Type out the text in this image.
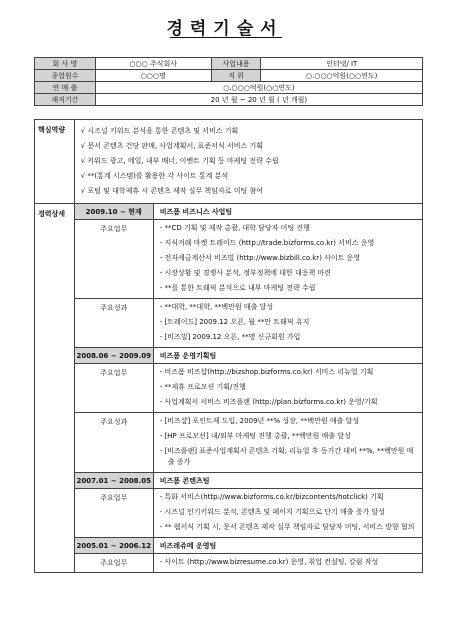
경력기술서
회 사 명	○○○ 주식회사	사업내용	인터넷/ IT
종업원수	○○○명	직 위	○.○○○억원(○○연도)
연 매 출	○.○○○억원(○○연도)		
재직기간	20 년 월 ~ 20 년 월 ( 년 개월)		
핵심역량	√ 시즈널 키워드 분석을 통한 콘텐츠 및 서비스 기획
√ 문서 콘텐츠 건당 판매, 사업계획서, 표준서식 서비스 기획
√ 키워드 광고, 메일, 내부 배너, 이벤트 기획 등 마케팅 전략 수립
√ **(통계 시스템)를 활용한 각 사이트 통계 분석
√ 포털 및 대학제휴 시 콘텐츠 제작 실무 책임자로 미팅 참여	

경력상세	2009.10 ~ 현재	비즈폼 비즈니스 사업팀
	주요업무	- **CD 기획 및 제작 총괄, 대학 담당자 미팅 진행
- 지식거래 마켓 트레이드 (http://trade.bizforms.co.kr) 서비스 운영
- 전자세금계산서 비즈빌 (http://www.bizbill.co.kr) 사이트 운영
- 시장상황 및 경쟁사 분석, 정부정책에 대한 대응책 마련
- **를 통한 트래픽 분석으로 내부 마케팅 전략 수립

	주요성과	- **대학, **대학, **백만원 매출 달성
- [트레이드] 2009.12 오픈, 월 **만 트래픽 유지
- [비즈빌] 2009.12 오픈, **명 신규회원 가입

	2008.06 ~ 2009.09	비즈폼 운영기획팀
	주요업무	- 비즈폼 비즈샵(http://bizshop.bizforms.co.kr) 서비스 리뉴얼 기획
- **제휴 프로모션 기획/진행
- 사업계획서 서비스 비즈플랜 (http://plan.bizforms.co.kr) 운영/기획

	주요성과	- [비즈샵] 포인트제 도입, 2009년 **% 성장, **백만원 매출 달성
- [HP 프로모션] 내/외부 마케팅 진행 총괄, **백만원 매출 달성
- [비즈플랜] 표준사업계획서 콘텐츠 기획, 리뉴얼 후 동기간 대비 **%, **백만원 매출 증가

	2007.01 ~ 2008.05	비즈폼 콘텐츠팀
	주요업무	- 특화 서비스(http://www.bizforms.co.kr/bizcontents/hotclick) 기획
- 시즈널 인기키워드 분석, 콘텐츠 및 페이지 기획으로 단기 매출 증가 달성
- ** 웹서식 기획 시, 문서 콘텐츠 제작 실무 책임자로 담당자 미팅, 서비스 방향 협의

	2005.01 ~ 2006.12	비즈레쥬메 운영팀
	주요업무	- 사이트 (http://www.bizresume.co.kr) 운영, 취업 컨설팅, 칼럼 작성
